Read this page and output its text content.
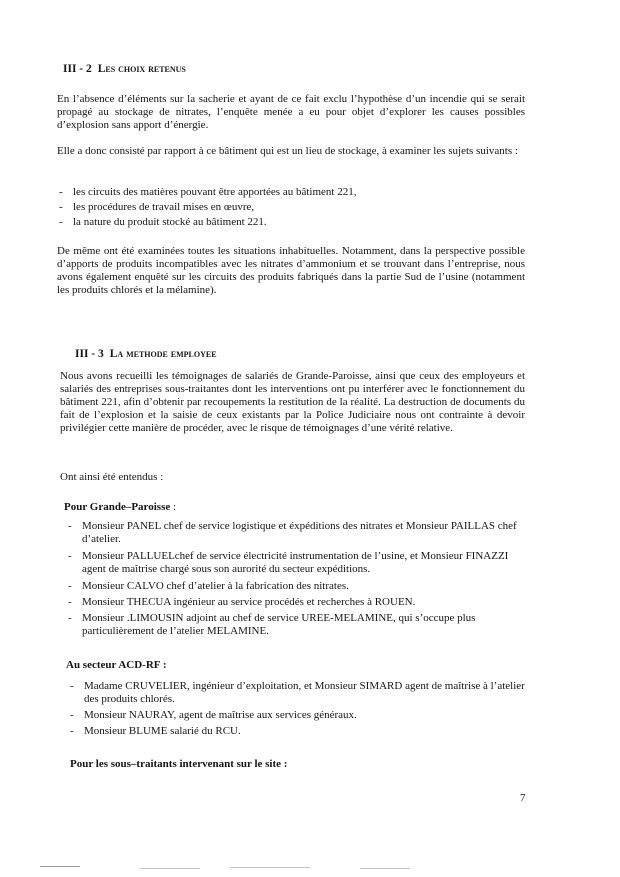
III - 2 Les choix retenus

En l’absence d’éléments sur la sacherie et ayant de ce fait exclu l’hypothèse d’un incendie qui se serait propagé au stockage de nitrates, l’enquête menée a eu pour objet d’explorer les causes possibles d’explosion sans apport d’énergie.

Elle a donc consisté par rapport à ce bâtiment qui est un lieu de stockage, à examiner les sujets suivants :

- les circuits des matières pouvant être apportées au bâtiment 221,
- les procédures de travail mises en œuvre,
- la nature du produit stocké au bâtiment 221.

De même ont été examinées toutes les situations inhabituelles. Notamment, dans la perspective possible d’apports de produits incompatibles avec les nitrates d’ammonium et se trouvant dans l’entreprise, nous avons également enquêté sur les circuits des produits fabriqués dans la partie Sud de l’usine (notamment les produits chlorés et la mélamine).

III - 3 La methode employee

Nous avons recueilli les témoignages de salariés de Grande-Paroisse, ainsi que ceux des employeurs et salariés des entreprises sous-traitantes dont les interventions ont pu interférer avec le fonctionnement du bâtiment 221, afin d’obtenir par recoupements la restitution de la réalité. La destruction de documents du fait de l’explosion et la saisie de ceux existants par la Police Judiciaire nous ont contrainte à devoir privilégier cette manière de procéder, avec le risque de témoignages d’une vérité relative.

Ont ainsi été entendus :

Pour Grande–Paroisse :
- Monsieur PANEL chef de service logistique et éxpéditions des nitrates et Monsieur PAILLAS chef d’atelier.
- Monsieur PALLUELchef de service électricité instrumentation de l’usine, et Monsieur FINAZZI agent de maîtrise chargé sous son aurorité du secteur expéditions.
- Monsieur CALVO chef d’atelier à la fabrication des nitrates.
- Monsieur THECUA ingénieur au service procédés et recherches à ROUEN.
- Monsieur .LIMOUSIN adjoint au chef de service UREE-MELAMINE, qui s’occupe plus particulièrement de l’atelier MELAMINE.
Au secteur ACD-RF :
- Madame CRUVELIER, ingénieur d’exploitation, et Monsieur SIMARD agent de maîtrise à l’atelier des produits chlorés.
- Monsieur NAURAY, agent de maîtrise aux services généraux.
- Monsieur BLUME salarié du RCU.
Pour les sous–traitants intervenant sur le site :
7
